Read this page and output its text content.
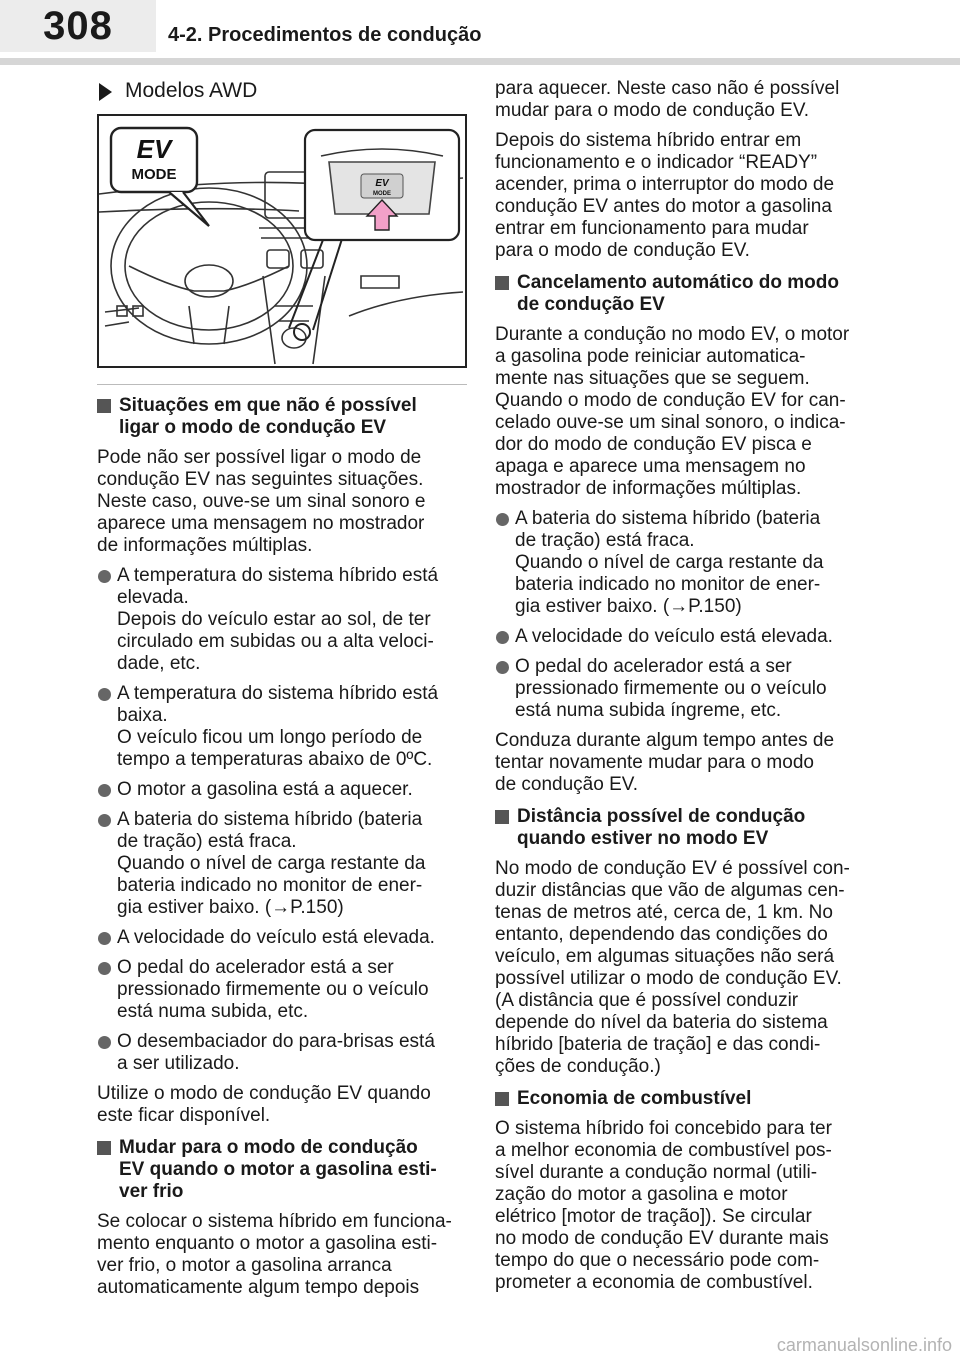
308	4-2. Procedimentos de condução
Modelos AWD
EV
MODE
EV
MODE
Situações em que não é possível
ligar o modo de condução EV
Pode não ser possível ligar o modo de
condução EV nas seguintes situações.
Neste caso, ouve-se um sinal sonoro e
aparece uma mensagem no mostrador
de informações múltiplas.
A temperatura do sistema híbrido está
elevada.
Depois do veículo estar ao sol, de ter
circulado em subidas ou a alta veloci-
dade, etc.
A temperatura do sistema híbrido está
baixa.
O veículo ficou um longo período de
tempo a temperaturas abaixo de 0ºC.
O motor a gasolina está a aquecer.
A bateria do sistema híbrido (bateria
de tração) está fraca.
Quando o nível de carga restante da
bateria indicado no monitor de ener-
gia estiver baixo. (→P.150)
A velocidade do veículo está elevada.
O pedal do acelerador está a ser
pressionado firmemente ou o veículo
está numa subida, etc.
O desembaciador do para-brisas está
a ser utilizado.
Utilize o modo de condução EV quando
este ficar disponível.
Mudar para o modo de condução
EV quando o motor a gasolina esti-
ver frio
Se colocar o sistema híbrido em funciona-
mento enquanto o motor a gasolina esti-
ver frio, o motor a gasolina arranca
automaticamente algum tempo depois
para aquecer. Neste caso não é possível
mudar para o modo de condução EV.
Depois do sistema híbrido entrar em
funcionamento e o indicador “READY”
acender, prima o interruptor do modo de
condução EV antes do motor a gasolina
entrar em funcionamento para mudar
para o modo de condução EV.
Cancelamento automático do modo
de condução EV
Durante a condução no modo EV, o motor
a gasolina pode reiniciar automatica-
mente nas situações que se seguem.
Quando o modo de condução EV for can-
celado ouve-se um sinal sonoro, o indica-
dor do modo de condução EV pisca e
apaga e aparece uma mensagem no
mostrador de informações múltiplas.
A bateria do sistema híbrido (bateria
de tração) está fraca.
Quando o nível de carga restante da
bateria indicado no monitor de ener-
gia estiver baixo. (→P.150)
A velocidade do veículo está elevada.
O pedal do acelerador está a ser
pressionado firmemente ou o veículo
está numa subida íngreme, etc.
Conduza durante algum tempo antes de
tentar novamente mudar para o modo
de condução EV.
Distância possível de condução
quando estiver no modo EV
No modo de condução EV é possível con-
duzir distâncias que vão de algumas cen-
tenas de metros até, cerca de, 1 km. No
entanto, dependendo das condições do
veículo, em algumas situações não será
possível utilizar o modo de condução EV.
(A distância que é possível conduzir
depende do nível da bateria do sistema
híbrido [bateria de tração] e das condi-
ções de condução.)
Economia de combustível
O sistema híbrido foi concebido para ter
a melhor economia de combustível pos-
sível durante a condução normal (utili-
zação do motor a gasolina e motor
elétrico [motor de tração]). Se circular
no modo de condução EV durante mais
tempo do que o necessário pode com-
prometer a economia de combustível.
carmanualsonline.info
